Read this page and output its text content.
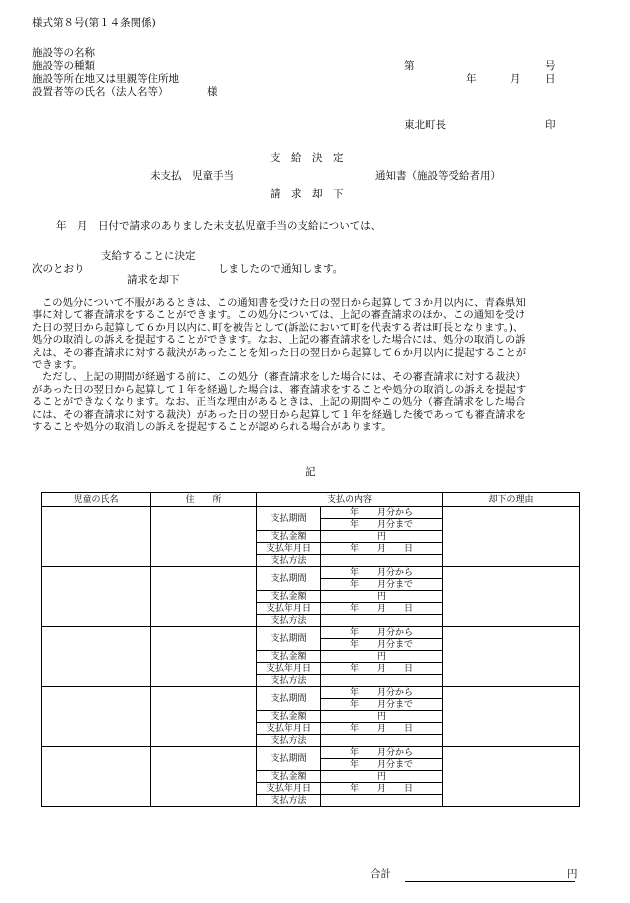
様式第８号(第１４条関係)
施設等の名称
施設等の種類
施設等所在地又は里親等住所地
設置者等の氏名（法人名等）	様
第	号
年	月 日
東北町長	印
支　給　決　定
未支払　児童手当	通知書（施設等受給者用）
請　求　却　下
年　月　日付で請求のありました未支払児童手当の支給については、
支給することに決定
次のとおり	しましたので通知します。
請求を却下
この処分について不服があるときは、この通知書を受けた日の翌日から起算して３か月以内に、青森県知
事に対して審査請求をすることができます。この処分については、上記の審査請求のほか、この通知を受け
た日の翌日から起算して６か月以内に､町を被告として(訴訟において町を代表する者は町長となります。)、
処分の取消しの訴えを提起することができます。なお、上記の審査請求をした場合には、処分の取消しの訴
えは、その審査請求に対する裁決があったことを知った日の翌日から起算して６か月以内に提起することが
できます。
ただし、上記の期間が経過する前に、この処分（審査請求をした場合には、その審査請求に対する裁決）
があった日の翌日から起算して１年を経過した場合は、審査請求をすることや処分の取消しの訴えを提起す
ることができなくなります。なお、正当な理由があるときは、上記の期間やこの処分（審査請求をした場合
には、その審査請求に対する裁決）があった日の翌日から起算して１年を経過した後であっても審査請求を
することや処分の取消しの訴えを提起することが認められる場合があります。
記
児童の氏名	住　　所	支払の内容		却下の理由
		支払期間	年　　月分から	
			年　　月分まで	
		支払金額	円	
		支払年月日	年　　月　　日	
		支払方法		
		支払期間	年　　月分から	
			年　　月分まで	
		支払金額	円	
		支払年月日	年　　月　　日	
		支払方法		
		支払期間	年　　月分から	
			年　　月分まで	
		支払金額	円	
		支払年月日	年　　月　　日	
		支払方法		
		支払期間	年　　月分から	
			年　　月分まで	
		支払金額	円	
		支払年月日	年　　月　　日	
		支払方法		
		支払期間	年　　月分から	
			年　　月分まで	
		支払金額	円	
		支払年月日	年　　月　　日	
		支払方法		
合計	円
